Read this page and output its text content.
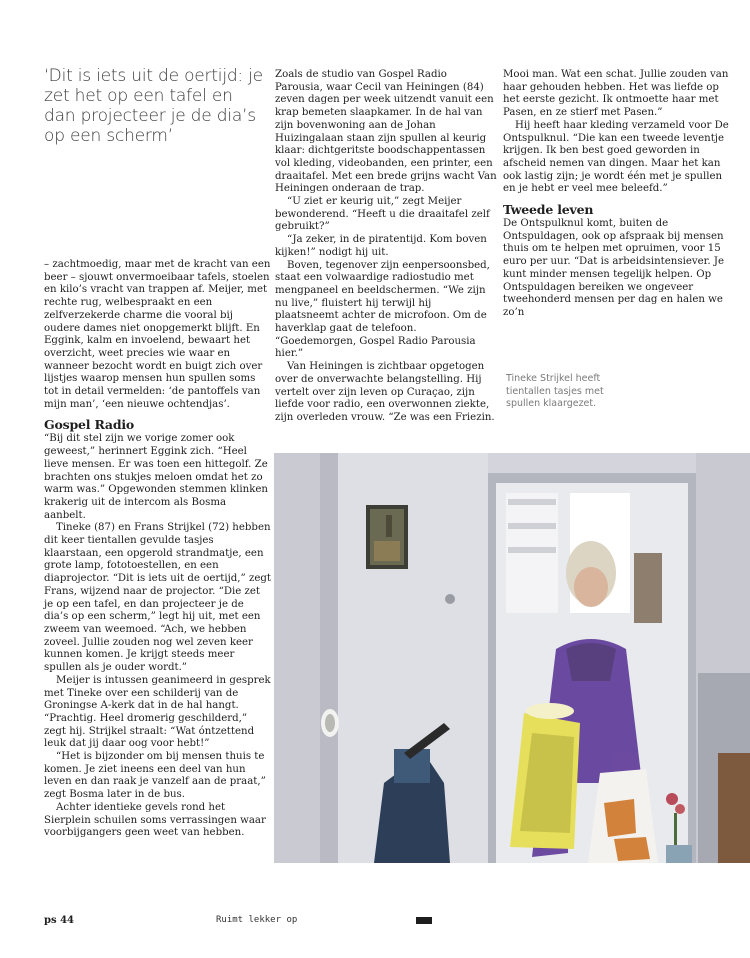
‘Dit is iets uit de oertijd: je zet het op een tafel en dan projecteer je de dia’s op een scherm’

– zachtmoedig, maar met de kracht van een beer – sjouwt onvermoeibaar tafels, stoelen en kilo’s vracht van trappen af. Meijer, met rechte rug, welbespraakt en een zelfverzekerde charme die vooral bij oudere dames niet onopgemerkt blijft. En Eggink, kalm en invoelend, bewaart het overzicht, weet precies wie waar en wanneer bezocht wordt en buigt zich over lijstjes waarop mensen hun spullen soms tot in detail vermelden: ‘de pantoffels van mijn man’, ‘een nieuwe ochtendjas’.

Gospel Radio

“Bij dit stel zijn we vorige zomer ook geweest,” herinnert Eggink zich. “Heel lieve mensen. Er was toen een hittegolf. Ze brachten ons stukjes meloen omdat het zo warm was.” Opgewonden stemmen klinken krakerig uit de intercom als Bosma aanbelt.

Tineke (87) en Frans Strijkel (72) hebben dit keer tientallen gevulde tasjes klaarstaan, een opgerold strandmatje, een grote lamp, fototoestellen, en een diaprojector. “Dit is iets uit de oertijd,” zegt Frans, wijzend naar de projector. “Die zet je op een tafel, en dan projecteer je de dia’s op een scherm,” legt hij uit, met een zweem van weemoed. “Ach, we hebben zoveel. Jullie zouden nog wel zeven keer kunnen komen. Je krijgt steeds meer spullen als je ouder wordt.”

Meijer is intussen geanimeerd in gesprek met Tineke over een schilderij van de Groningse A-kerk dat in de hal hangt. “Prachtig. Heel dromerig geschilderd,” zegt hij. Strijkel straalt: “Wat óntzettend leuk dat jij daar oog voor hebt!”

“Het is bijzonder om bij mensen thuis te komen. Je ziet ineens een deel van hun leven en dan raak je vanzelf aan de praat,” zegt Bosma later in de bus.

Achter identieke gevels rond het Sierplein schuilen soms verrassingen waar voorbijgangers geen weet van hebben.

Zoals de studio van Gospel Radio Parousia, waar Cecil van Heiningen (84) zeven dagen per week uitzendt vanuit een krap bemeten slaapkamer. In de hal van zijn bovenwoning aan de Johan Huizingalaan staan zijn spullen al keurig klaar: dichtgeritste boodschappentassen vol kleding, videobanden, een printer, een draaitafel. Met een brede grijns wacht Van Heiningen onderaan de trap.

“U ziet er keurig uit,” zegt Meijer bewonderend. “Heeft u die draaitafel zelf gebruikt?”

“Ja zeker, in de piratentijd. Kom boven kijken!” nodigt hij uit.

Boven, tegenover zijn eenpersoonsbed, staat een volwaardige radiostudio met mengpaneel en beeldschermen. “We zijn nu live,” fluistert hij terwijl hij plaatsneemt achter de microfoon. Om de haverklap gaat de telefoon. “Goedemorgen, Gospel Radio Parousia hier.”

Van Heiningen is zichtbaar opgetogen over de onverwachte belangstelling. Hij vertelt over zijn leven op Curaçao, zijn liefde voor radio, een overwonnen ziekte, zijn overleden vrouw. “Ze was een Friezin.

Mooi man. Wat een schat. Jullie zouden van haar gehouden hebben. Het was liefde op het eerste gezicht. Ik ontmoette haar met Pasen, en ze stierf met Pasen.”

Hij heeft haar kleding verzameld voor De Ontspulknul. “Die kan een tweede leventje krijgen. Ik ben best goed geworden in afscheid nemen van dingen. Maar het kan ook lastig zijn; je wordt één met je spullen en je hebt er veel mee beleefd.”

Tweede leven

De Ontspulknul komt, buiten de Ontspuldagen, ook op afspraak bij mensen thuis om te helpen met opruimen, voor 15 euro per uur. “Dat is arbeidsintensiever. Je kunt minder mensen tegelijk helpen. Op Ontspuldagen bereiken we ongeveer tweehonderd mensen per dag en halen we zo’n

Tineke Strijkel heeft tientallen tasjes met spullen klaargezet.
ps 44	Ruimt lekker op
